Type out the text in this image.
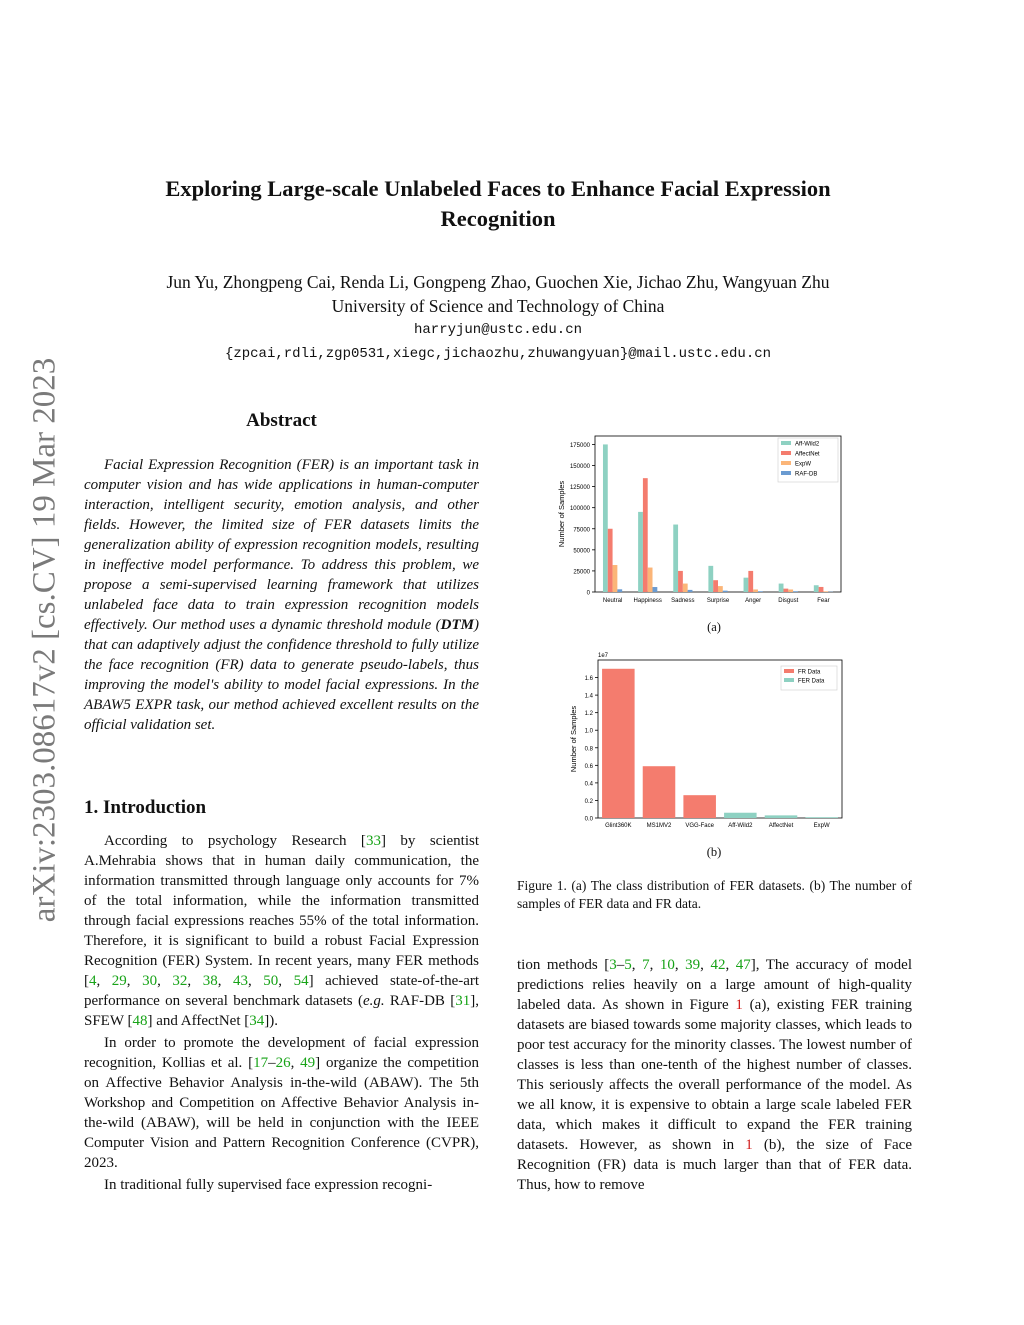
arXiv:2303.08617v2 [cs.CV] 19 Mar 2023
Exploring Large-scale Unlabeled Faces to Enhance Facial Expression
Recognition
Jun Yu, Zhongpeng Cai, Renda Li, Gongpeng Zhao, Guochen Xie, Jichao Zhu, Wangyuan Zhu
University of Science and Technology of China
harryjun@ustc.edu.cn
{zpcai,rdli,zgp0531,xiegc,jichaozhu,zhuwangyuan}@mail.ustc.edu.cn
Abstract

Facial Expression Recognition (FER) is an important task in computer vision and has wide applications in human-computer interaction, intelligent security, emotion analysis, and other fields. However, the limited size of FER datasets limits the generalization ability of expression recognition models, resulting in ineffective model performance. To address this problem, we propose a semi-supervised learning framework that utilizes unlabeled face data to train expression recognition models effectively. Our method uses a dynamic threshold module (DTM) that can adaptively adjust the confidence threshold to fully utilize the face recognition (FR) data to generate pseudo-labels, thus improving the model's ability to model facial expressions. In the ABAW5 EXPR task, our method achieved excellent results on the official validation set.

1. Introduction

According to psychology Research [33] by scientist A.Mehrabia shows that in human daily communication, the information transmitted through language only accounts for 7% of the total information, while the information transmitted through facial expressions reaches 55% of the total information. Therefore, it is significant to build a robust Facial Expression Recognition (FER) System. In recent years, many FER methods [4, 29, 30, 32, 38, 43, 50, 54] achieved state-of-the-art performance on several benchmark datasets (e.g. RAF-DB [31], SFEW [48] and AffectNet [34]).

In order to promote the development of facial expression recognition, Kollias et al. [17–26, 49] organize the competition on Affective Behavior Analysis in-the-wild (ABAW). The 5th Workshop and Competition on Affective Behavior Analysis in-the-wild (ABAW), will be held in conjunction with the IEEE Computer Vision and Pattern Recognition Conference (CVPR), 2023.

In traditional fully supervised face expression recogni-

tion methods [3–5, 7, 10, 39, 42, 47], The accuracy of model predictions relies heavily on a large amount of high-quality labeled data. As shown in Figure 1 (a), existing FER training datasets are biased towards some majority classes, which leads to poor test accuracy for the minority classes. The lowest number of classes is less than one-tenth of the highest number of classes. This seriously affects the overall performance of the model. As we all know, it is expensive to obtain a large scale labeled FER data, which makes it difficult to expand the FER training datasets. However, as shown in 1 (b), the size of Face Recognition (FR) data is much larger than that of FER data. Thus, how to remove

0
25000
50000
75000
100000
125000
150000
175000
Number of Samples
Neutral Happiness Sadness Surprise	Anger	Disgust	Fear
Aff-Wild2
AffectNet
ExpW
RAF-DB
(a)
1e7
0.0
0.2
0.4
0.6
0.8
1.0
1.2
1.4
1.6
Number of Samples
Glint360K	MS1MV2 VGG-Face Aff-Wild2	AffectNet	ExpW
FR Data
FER Data
(b)
Figure 1. (a) The class distribution of FER datasets. (b) The number of samples of FER data and FR data.
